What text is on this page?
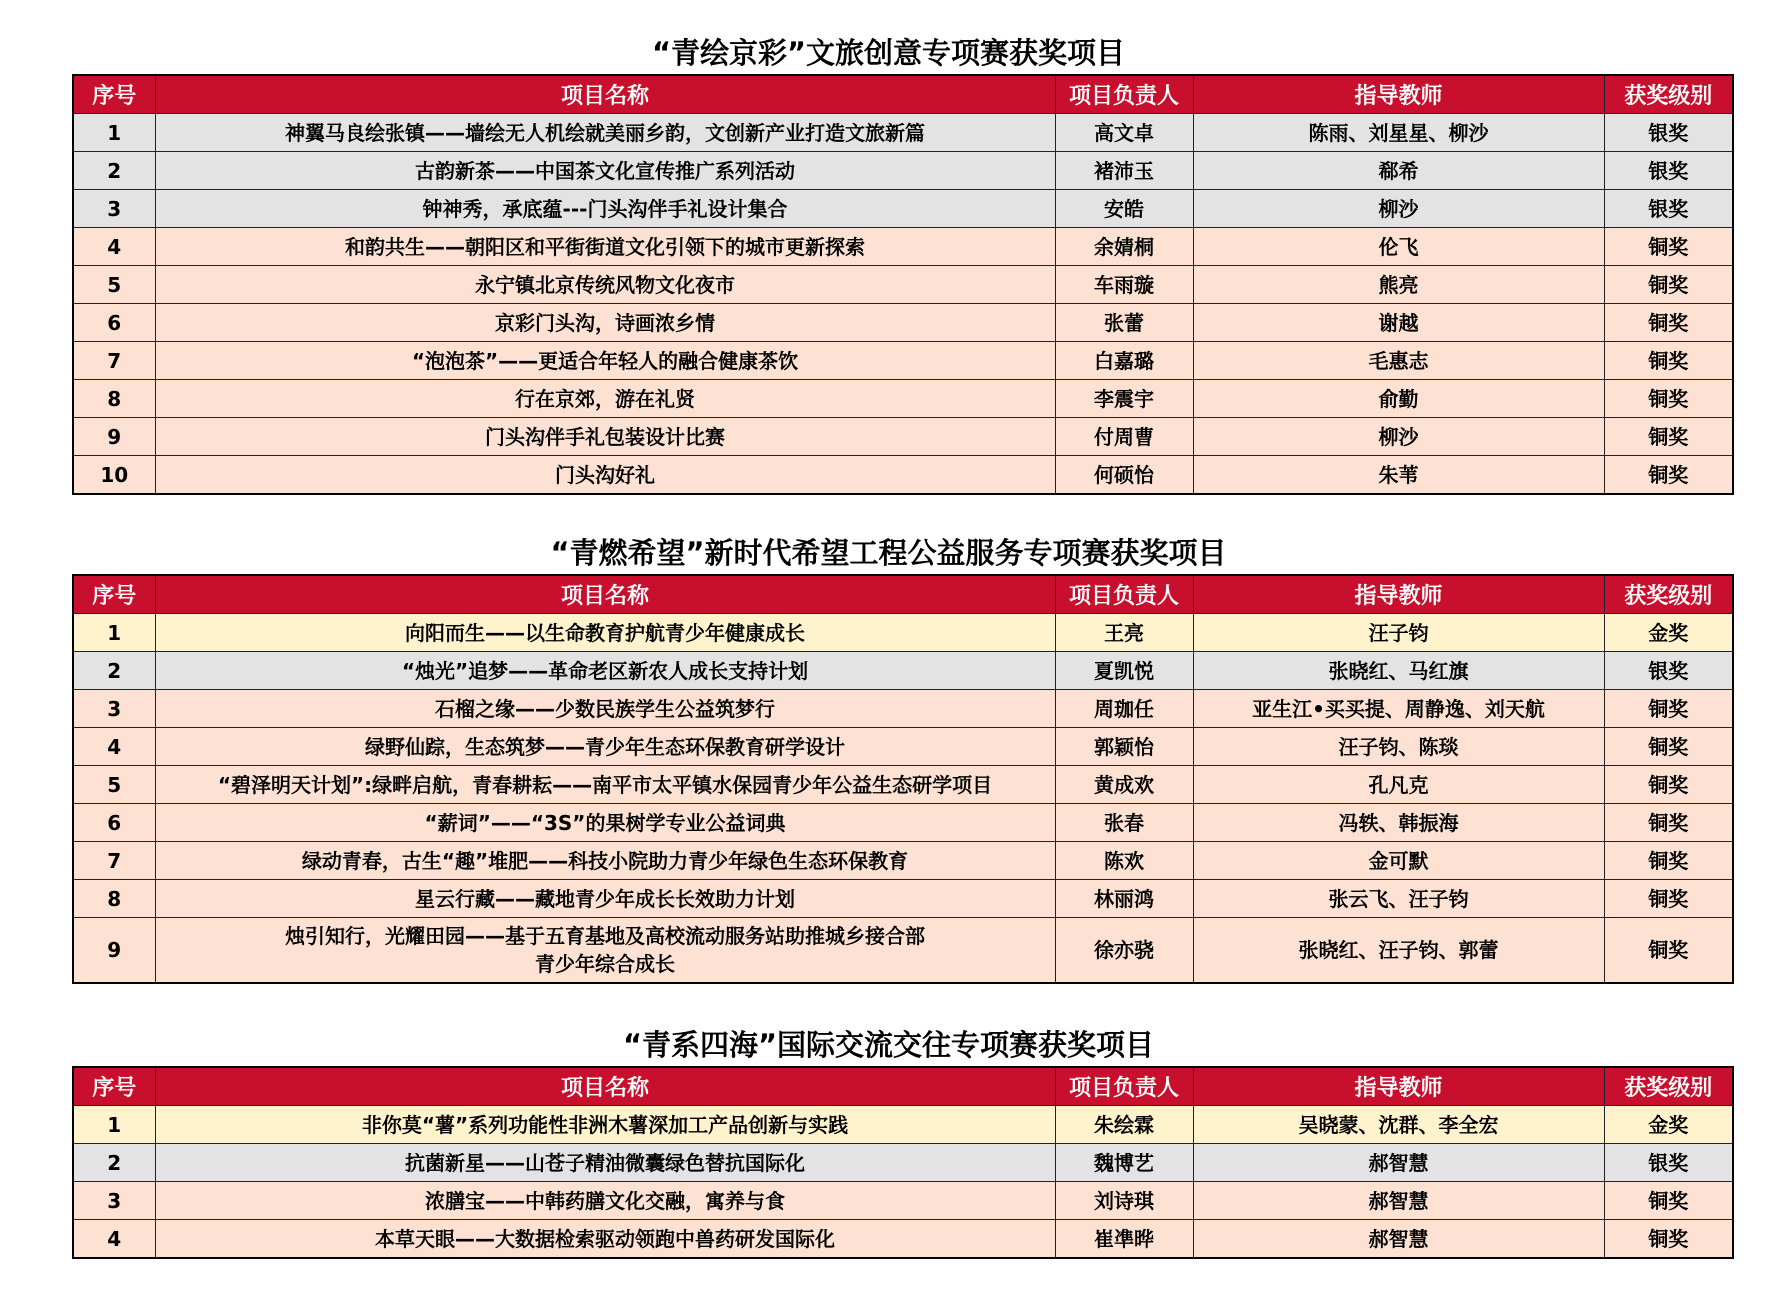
“青绘京彩”文旅创意专项赛获奖项目
序号	项目名称	项目负责人	指导教师	获奖级别
1	神翼马良绘张镇——墙绘无人机绘就美丽乡韵，文创新产业打造文旅新篇	高文卓	陈雨、刘星星、柳沙	银奖
2	古韵新茶——中国茶文化宣传推广系列活动	褚沛玉	郗希	银奖
3	钟神秀，承底蕴---门头沟伴手礼设计集合	安皓	柳沙	银奖
4	和韵共生——朝阳区和平街街道文化引领下的城市更新探索	余婧桐	伦飞	铜奖
5	永宁镇北京传统风物文化夜市	车雨璇	熊亮	铜奖
6	京彩门头沟，诗画浓乡情	张蕾	谢越	铜奖
7	“泡泡茶”——更适合年轻人的融合健康茶饮	白嘉璐	毛惠志	铜奖
8	行在京郊，游在礼贤	李震宇	俞勤	铜奖
9	门头沟伴手礼包装设计比赛	付周曹	柳沙	铜奖
10	门头沟好礼	何硕怡	朱苇	铜奖
“青燃希望”新时代希望工程公益服务专项赛获奖项目
序号	项目名称	项目负责人	指导教师	获奖级别
1	向阳而生——以生命教育护航青少年健康成长	王亮	汪子钧	金奖
2	“烛光”追梦——革命老区新农人成长支持计划	夏凯悦	张晓红、马红旗	银奖
3	石榴之缘——少数民族学生公益筑梦行	周珈任	亚生江•买买提、周静逸、刘天航	铜奖
4	绿野仙踪，生态筑梦——青少年生态环保教育研学设计	郭颖怡	汪子钧、陈琰	铜奖
5	“碧泽明天计划”:绿畔启航，青春耕耘——南平市太平镇水保园青少年公益生态研学项目	黄成欢	孔凡克	铜奖
6	“薪词”——“3S”的果树学专业公益词典	张春	冯轶、韩振海	铜奖
7	绿动青春，古生“趣”堆肥——科技小院助力青少年绿色生态环保教育	陈欢	金可默	铜奖
8	星云行藏——藏地青少年成长长效助力计划	林丽鸿	张云飞、汪子钧	铜奖
9	烛引知行，光耀田园——基于五育基地及高校流动服务站助推城乡接合部
青少年综合成长	徐亦骁	张晓红、汪子钧、郭蕾	铜奖
“青系四海”国际交流交往专项赛获奖项目
序号	项目名称	项目负责人	指导教师	获奖级别
1	非你莫“薯”系列功能性非洲木薯深加工产品创新与实践	朱绘霖	吴晓蒙、沈群、李全宏	金奖
2	抗菌新星——山苍子精油微囊绿色替抗国际化	魏博艺	郝智慧	银奖
3	浓膳宝——中韩药膳文化交融，寓养与食	刘诗琪	郝智慧	铜奖
4	本草天眼——大数据检索驱动领跑中兽药研发国际化	崔凖晔	郝智慧	铜奖
